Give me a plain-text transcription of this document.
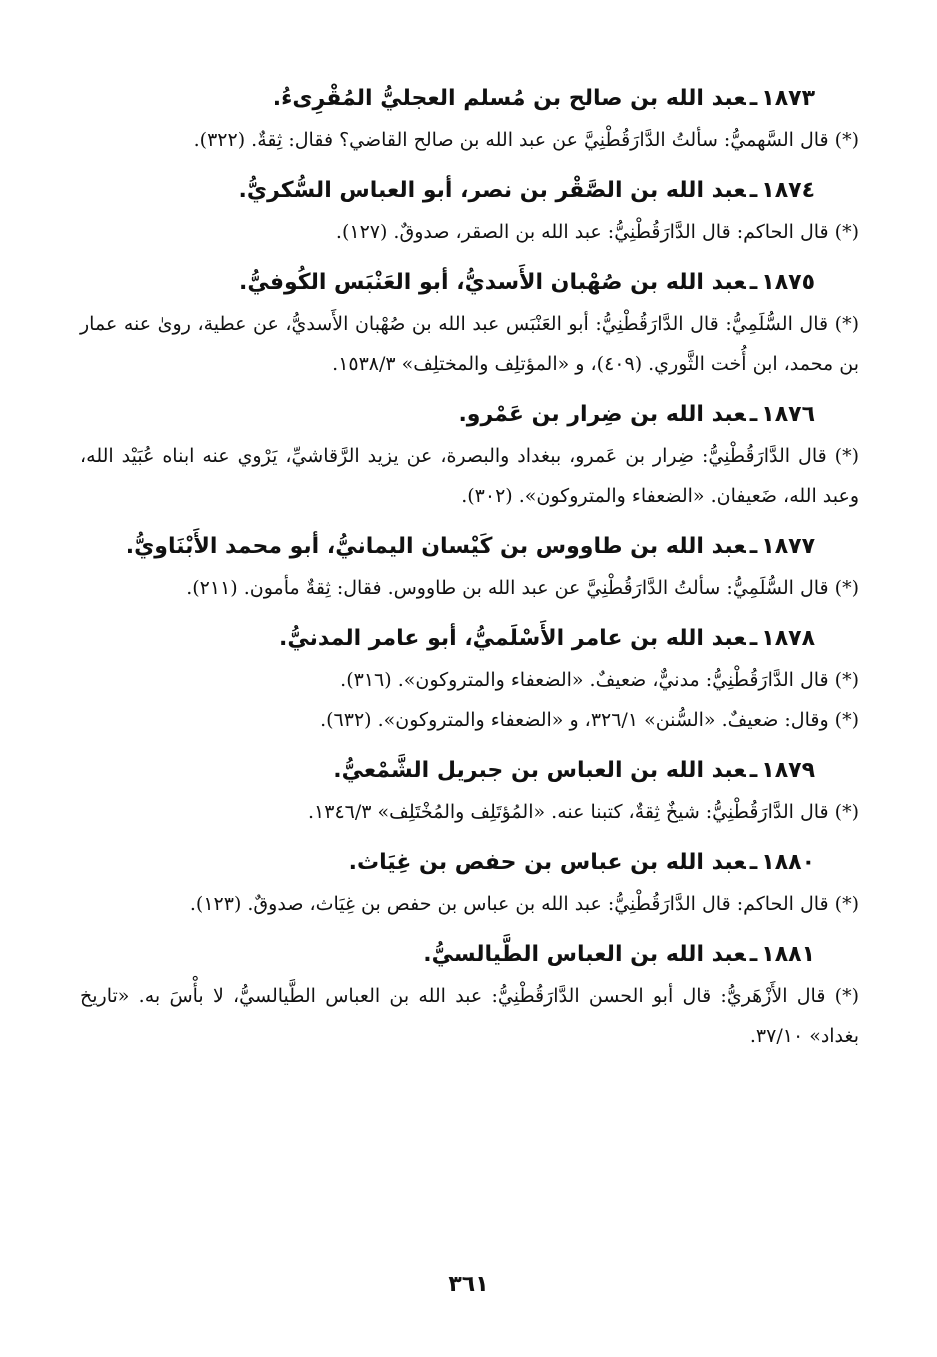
١٨٧٣ـعبد الله بن صالح بن مُسلم العجليُّ المُقْرِىءُ.

(*) قال السَّهميُّ: سألتُ الدَّارَقُطْنِيَّ عن عبد الله بن صالح القاضي؟ فقال: ثِقةٌ. (٣٢٢).

١٨٧٤ـعبد الله بن الصَّقْر بن نصر، أبو العباس السُّكريُّ.

(*) قال الحاكم: قال الدَّارَقُطْنِيُّ: عبد الله بن الصقر، صدوقٌ. (١٢٧).

١٨٧٥ـعبد الله بن صُهْبان الأَسديُّ، أبو العَنْبَس الكُوفيُّ.

(*) قال السُّلَمِيُّ: قال الدَّارَقُطْنِيُّ: أبو العَنْبَس عبد الله بن صُهْبان الأَسديُّ، عن عطية، روىٰ عنه عمار بن محمد، ابن أُخت الثَّوري. (٤٠٩)، و «المؤتلِف والمختلِف» ١٥٣٨/٣.

١٨٧٦ـعبد الله بن ضِرار بن عَمْرو.

(*) قال الدَّارَقُطْنِيُّ: ضِرار بن عَمرو، ببغداد والبصرة، عن يزيد الرَّقاشيِّ، يَرْوي عنه ابناه عُبَيْد الله، وعبد الله، ضَعيفان. «الضعفاء والمتروكون». (٣٠٢).

١٨٧٧ـعبد الله بن طاووس بن كَيْسان اليمانيُّ، أبو محمد الأَبْنَاويُّ.

(*) قال السُّلَمِيُّ: سألتُ الدَّارَقُطْنِيَّ عن عبد الله بن طاووس. فقال: ثِقةٌ مأمون. (٢١١).

١٨٧٨ـعبد الله بن عامر الأَسْلَميُّ، أبو عامر المدنيُّ.

(*) قال الدَّارَقُطْنِيُّ: مدنيٌّ، ضعيفٌ. «الضعفاء والمتروكون». (٣١٦).

(*) وقال: ضعيفٌ. «السُّنن» ٣٢٦/١، و «الضعفاء والمتروكون». (٦٣٢).

١٨٧٩ـعبد الله بن العباس بن جبريل الشَّمْعيُّ.

(*) قال الدَّارَقُطْنِيُّ: شيخٌ ثِقةٌ، كتبنا عنه. «المُؤتَلِف والمُخْتَلِف» ١٣٤٦/٣.

١٨٨٠ـعبد الله بن عباس بن حفص بن غِيَاث.

(*) قال الحاكم: قال الدَّارَقُطْنِيُّ: عبد الله بن عباس بن حفص بن غِيَاث، صدوقٌ. (١٢٣).

١٨٨١ـعبد الله بن العباس الطَّيالسيُّ.

(*) قال الأَزْهَريُّ: قال أبو الحسن الدَّارَقُطْنِيُّ: عبد الله بن العباس الطَّيالسيُّ، لا بأْسَ به. «تاريخ بغداد» ٣٧/١٠.

٣٦١
